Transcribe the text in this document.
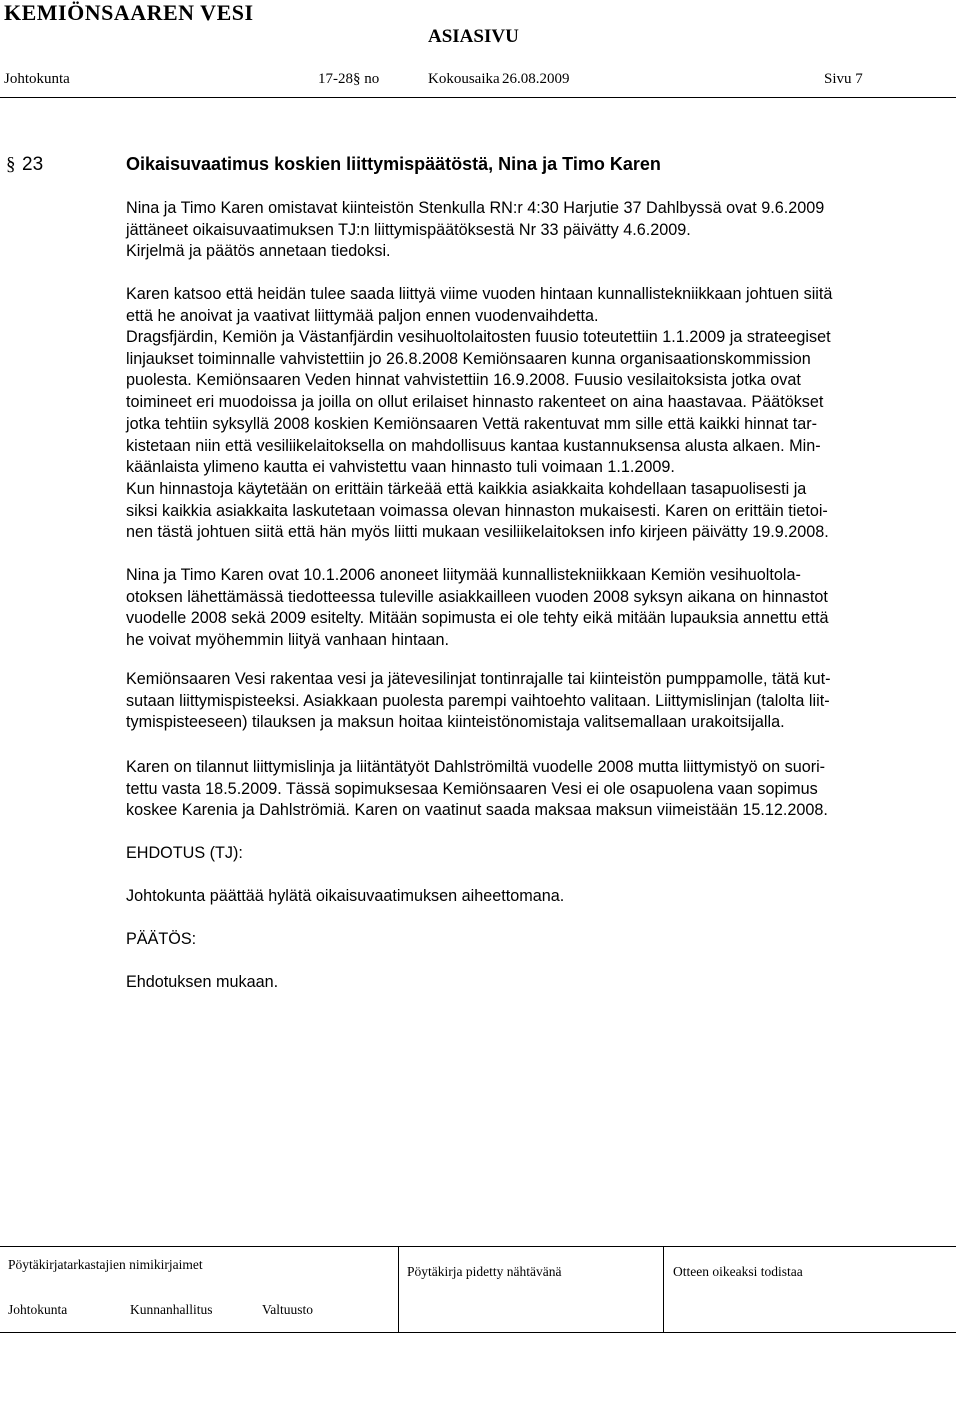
KEMIÖNSAAREN VESI
ASIASIVU
Johtokunta	17-28§ no	Kokousaika 26.08.2009	Sivu 7
§ 23	Oikaisuvaatimus koskien liittymispäätöstä, Nina ja Timo Karen

Nina ja Timo Karen omistavat kiinteistön Stenkulla RN:r 4:30 Harjutie 37 Dahlbyssä ovat 9.6.2009

jättäneet oikaisuvaatimuksen TJ:n liittymispäätöksestä Nr 33 päivätty 4.6.2009.

Kirjelmä ja päätös annetaan tiedoksi.

Karen katsoo että heidän tulee saada liittyä viime vuoden hintaan kunnallistekniikkaan johtuen siitä

että he anoivat ja vaativat liittymää paljon ennen vuodenvaihdetta.

Dragsfjärdin, Kemiön ja Västanfjärdin vesihuoltolaitosten fuusio toteutettiin 1.1.2009 ja strateegiset

linjaukset toiminnalle vahvistettiin jo 26.8.2008 Kemiönsaaren kunna organisaationskommission

puolesta. Kemiönsaaren Veden hinnat vahvistettiin 16.9.2008. Fuusio vesilaitoksista jotka ovat

toimineet eri muodoissa ja joilla on ollut erilaiset hinnasto rakenteet on aina haastavaa. Päätökset

jotka tehtiin syksyllä 2008 koskien Kemiönsaaren Vettä rakentuvat mm sille että kaikki hinnat tar-

kistetaan niin että vesiliikelaitoksella on mahdollisuus kantaa kustannuksensa alusta alkaen. Min-

käänlaista ylimeno kautta ei vahvistettu vaan hinnasto tuli voimaan 1.1.2009.

Kun hinnastoja käytetään on erittäin tärkeää että kaikkia asiakkaita kohdellaan tasapuolisesti ja

siksi kaikkia asiakkaita laskutetaan voimassa olevan hinnaston mukaisesti. Karen on erittäin tietoi-

nen tästä johtuen siitä että hän myös liitti mukaan vesiliikelaitoksen info kirjeen päivätty 19.9.2008.

Nina ja Timo Karen ovat 10.1.2006 anoneet liitymää kunnallistekniikkaan Kemiön vesihuoltola-

otoksen lähettämässä tiedotteessa tuleville asiakkailleen vuoden 2008 syksyn aikana on hinnastot

vuodelle 2008 sekä 2009 esitelty. Mitään sopimusta ei ole tehty eikä mitään lupauksia annettu että

he voivat myöhemmin liityä vanhaan hintaan.

Kemiönsaaren Vesi rakentaa vesi ja jätevesilinjat tontinrajalle tai kiinteistön pumppamolle, tätä kut-

sutaan liittymispisteeksi. Asiakkaan puolesta parempi vaihtoehto valitaan. Liittymislinjan (talolta liit-

tymispisteeseen) tilauksen ja maksun hoitaa kiinteistönomistaja valitsemallaan urakoitsijalla.

Karen on tilannut liittymislinja ja liitäntätyöt Dahlströmiltä vuodelle 2008 mutta liittymistyö on suori-

tettu vasta 18.5.2009. Tässä sopimuksesaa Kemiönsaaren Vesi ei ole osapuolena vaan sopimus

koskee Karenia ja Dahlströmiä. Karen on vaatinut saada maksaa maksun viimeistään 15.12.2008.

EHDOTUS (TJ):
Johtokunta päättää hylätä oikaisuvaatimuksen aiheettomana.
PÄÄTÖS:
Ehdotuksen mukaan.
Pöytäkirjatarkastajien nimikirjaimet	Pöytäkirja pidetty nähtävänä	Otteen oikeaksi todistaa
Johtokunta	Kunnanhallitus	Valtuusto
